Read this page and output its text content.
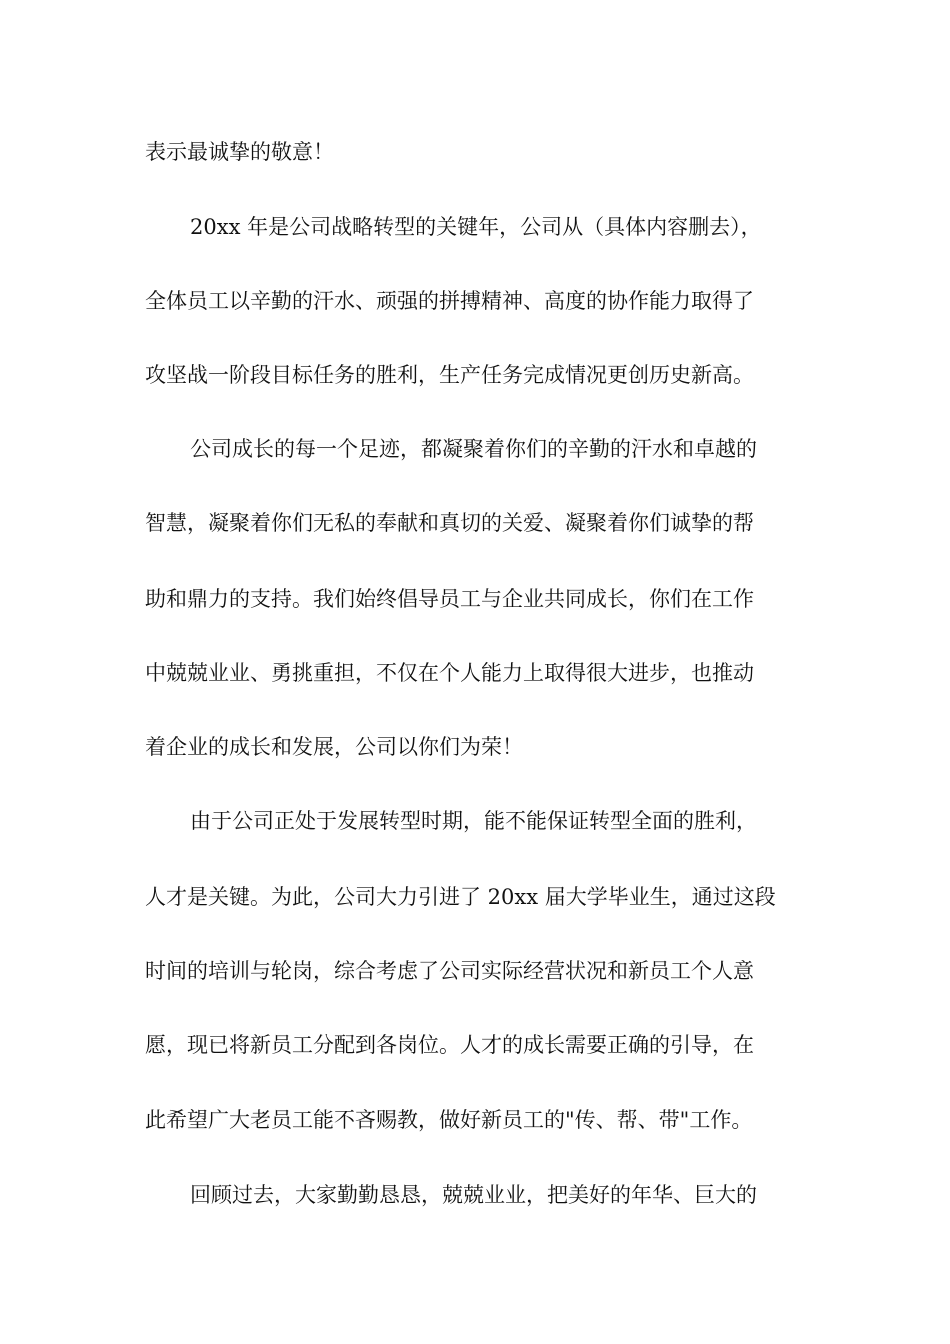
表示最诚挚的敬意！
20xx 年是公司战略转型的关键年，公司从（具体内容删去），
全体员工以辛勤的汗水、顽强的拼搏精神、高度的协作能力取得了
攻坚战一阶段目标任务的胜利，生产任务完成情况更创历史新高。
公司成长的每一个足迹，都凝聚着你们的辛勤的汗水和卓越的
智慧，凝聚着你们无私的奉献和真切的关爱、凝聚着你们诚挚的帮
助和鼎力的支持。我们始终倡导员工与企业共同成长，你们在工作
中兢兢业业、勇挑重担，不仅在个人能力上取得很大进步，也推动
着企业的成长和发展，公司以你们为荣！
由于公司正处于发展转型时期，能不能保证转型全面的胜利，
人才是关键。为此，公司大力引进了 20xx 届大学毕业生，通过这段
时间的培训与轮岗，综合考虑了公司实际经营状况和新员工个人意
愿，现已将新员工分配到各岗位。人才的成长需要正确的引导，在
此希望广大老员工能不吝赐教，做好新员工的"传、帮、带"工作。
回顾过去，大家勤勤恳恳，兢兢业业，把美好的年华、巨大的
